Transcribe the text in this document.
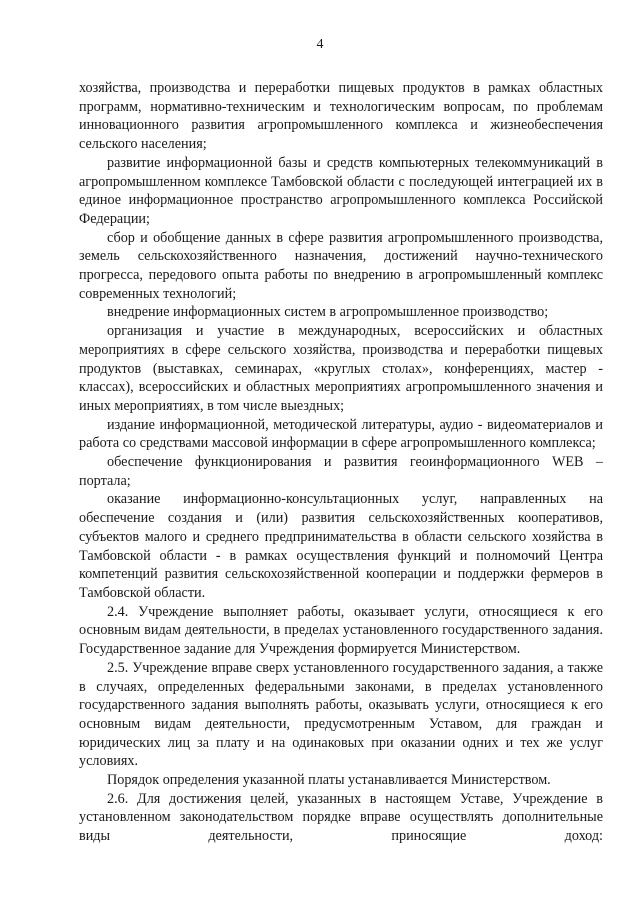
4

хозяйства, производства и переработки пищевых продуктов в рамках областных программ, нормативно-техническим и технологическим вопросам, по проблемам инновационного развития агропромышленного комплекса и жизнеобеспечения сельского населения;

развитие информационной базы и средств компьютерных телекоммуникаций в агропромышленном комплексе Тамбовской области с последующей интеграцией их в единое информационное пространство агропромышленного комплекса Российской Федерации;

сбор и обобщение данных в сфере развития агропромышленного производства, земель сельскохозяйственного назначения, достижений научно-технического прогресса, передового опыта работы по внедрению в агропромышленный комплекс современных технологий;

внедрение информационных систем в агропромышленное производство;

организация и участие в международных, всероссийских и областных мероприятиях в сфере сельского хозяйства, производства и переработки пищевых продуктов (выставках, семинарах, «круглых столах», конференциях, мастер - классах), всероссийских и областных мероприятиях агропромышленного значения и иных мероприятиях, в том числе выездных;

издание информационной, методической литературы, аудио - видеоматериалов и работа со средствами массовой информации в сфере агропромышленного комплекса;

обеспечение функционирования и развития геоинформационного WEB – портала;

оказание информационно-консультационных услуг, направленных на обеспечение создания и (или) развития сельскохозяйственных кооперативов, субъектов малого и среднего предпринимательства в области сельского хозяйства в Тамбовской области - в рамках осуществления функций и полномочий Центра компетенций развития сельскохозяйственной кооперации и поддержки фермеров в Тамбовской области.

2.4. Учреждение выполняет работы, оказывает услуги, относящиеся к его основным видам деятельности, в пределах установленного государственного задания. Государственное задание для Учреждения формируется Министерством.

2.5. Учреждение вправе сверх установленного государственного задания, а также в случаях, определенных федеральными законами, в пределах установленного государственного задания выполнять работы, оказывать услуги, относящиеся к его основным видам деятельности, предусмотренным Уставом, для граждан и юридических лиц за плату и на одинаковых при оказании одних и тех же услуг условиях.

Порядок определения указанной платы устанавливается Министерством.

2.6. Для достижения целей, указанных в настоящем Уставе, Учреждение в установленном законодательством порядке вправе осуществлять дополнительные виды деятельности, приносящие доход:
